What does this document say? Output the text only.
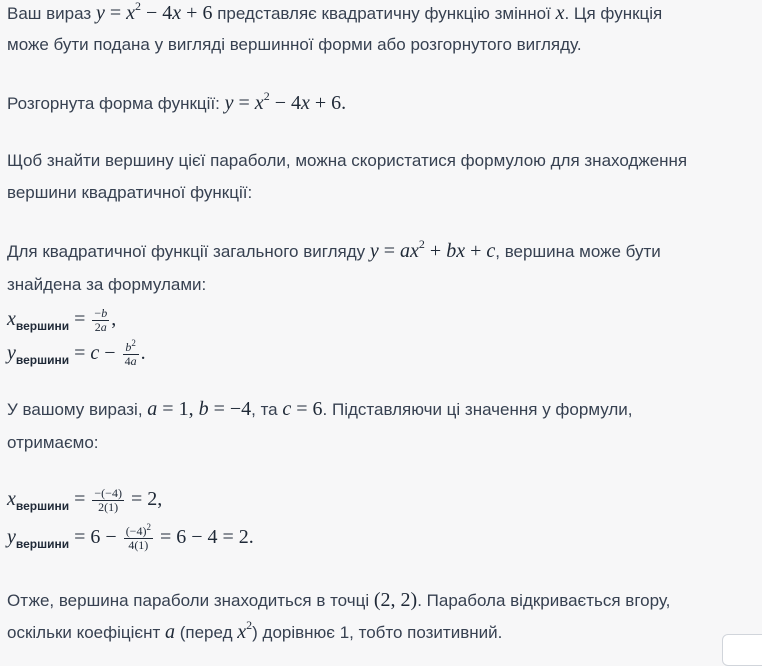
Ваш вираз $y = x^2 - 4x + 6$ представляє квадратичну функцію змінної x. Ця функція
може бути подана у вигляді вершинної форми або розгорнутого вигляду.
Розгорнута форма функції: $y = x^2 - 4x + 6$.
Щоб знайти вершину цієї параболи, можна скористатися формулою для знаходження
вершини квадратичної функції:
Для квадратичної функції загального вигляду $y = ax^2$ + bx + c, вершина може бути
знайдена за формулами:
$x_{вершини} = \frac{-b}{2a}$ ,
$y_{вершини} = c - \frac{b^2}{4a}$ .
У вашому виразі, a = 1, b = −4, та c = 6. Підставляючи ці значення у формули,
отримаємо:
$x_{вершини} = \frac{-(-4)}{2(1)} = 2$,
$y_{вершини} = 6 - \frac{(-4)^2}{4(1)} = 6 - 4 = 2$.
Отже, вершина параболи знаходиться в точці (2, 2). Парабола відкривається вгору,
оскільки коефіцієнт a (перед $x^2$) дорівнює 1, тобто позитивний.
